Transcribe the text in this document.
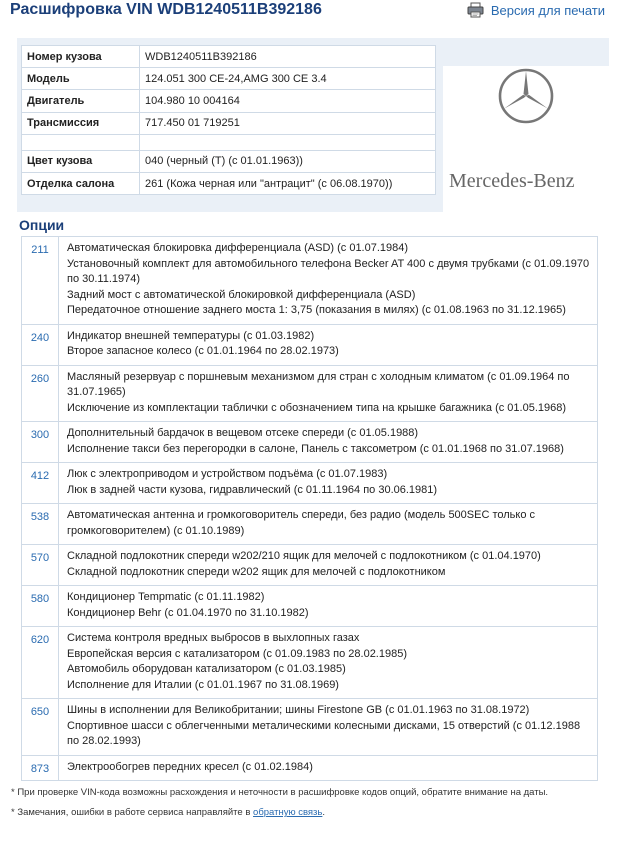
Расшифровка VIN WDB1240511B392186	Версия для печати
Номер кузова	WDB1240511B392186
Модель	124.051 300 CE-24,AMG 300 CE 3.4
Двигатель	104.980 10 004164
Трансмиссия	717.450 01 719251

Цвет кузова	040 (черный (T) (с 01.01.1963))
Отделка салона	261 (Кожа черная или "антрацит" (с 06.08.1970))	Mercedes-Benz
Опции
211	Автоматическая блокировка дифференциала (ASD) (с 01.07.1984)
Установочный комплект для автомобильного телефона Becker AT 400 с двумя трубками (с 01.09.1970 по 30.11.1974)
Задний мост с автоматической блокировкой дифференциала (ASD)
Передаточное отношение заднего моста 1: 3,75 (показания в милях) (с 01.08.1963 по 31.12.1965)

240	Индикатор внешней температуры (с 01.03.1982)
Второе запасное колесо (с 01.01.1964 по 28.02.1973)

260	Масляный резервуар с поршневым механизмом для стран с холодным климатом (с 01.09.1964 по 31.07.1965)
Исключение из комплектации таблички с обозначением типа на крышке багажника (с 01.05.1968)

300	Дополнительный бардачок в вещевом отсеке спереди (с 01.05.1988)
Исполнение такси без перегородки в салоне, Панель с таксометром (с 01.01.1968 по 31.07.1968)

412	Люк с электроприводом и устройством подъёма (с 01.07.1983)
Люк в задней части кузова, гидравлический (с 01.11.1964 по 30.06.1981)

538	Автоматическая антенна и громкоговоритель спереди, без радио (модель 500SEC только с громкоговорителем) (с 01.10.1989)

570	Складной подлокотник спереди w202/210 ящик для мелочей с подлокотником (с 01.04.1970)
Складной подлокотник спереди w202 ящик для мелочей с подлокотником

580	Кондиционер Tempmatic (с 01.11.1982)
Кондиционер Behr (с 01.04.1970 по 31.10.1982)

620	Система контроля вредных выбросов в выхлопных газах
Европейская версия с катализатором (с 01.09.1983 по 28.02.1985)
Автомобиль оборудован катализатором (с 01.03.1985)
Исполнение для Италии (с 01.01.1967 по 31.08.1969)

650	Шины в исполнении для Великобритании; шины Firestone GB (с 01.01.1963 по 31.08.1972)
Спортивное шасси с облегченными металическими колесными дисками, 15 отверстий (с 01.12.1988 по 28.02.1993)

873	Электрообогрев передних кресел (с 01.02.1984)
* При проверке VIN-кода возможны расхождения и неточности в расшифровке кодов опций, обратите внимание на даты.
* Замечания, ошибки в работе сервиса направляйте в обратную связь.
